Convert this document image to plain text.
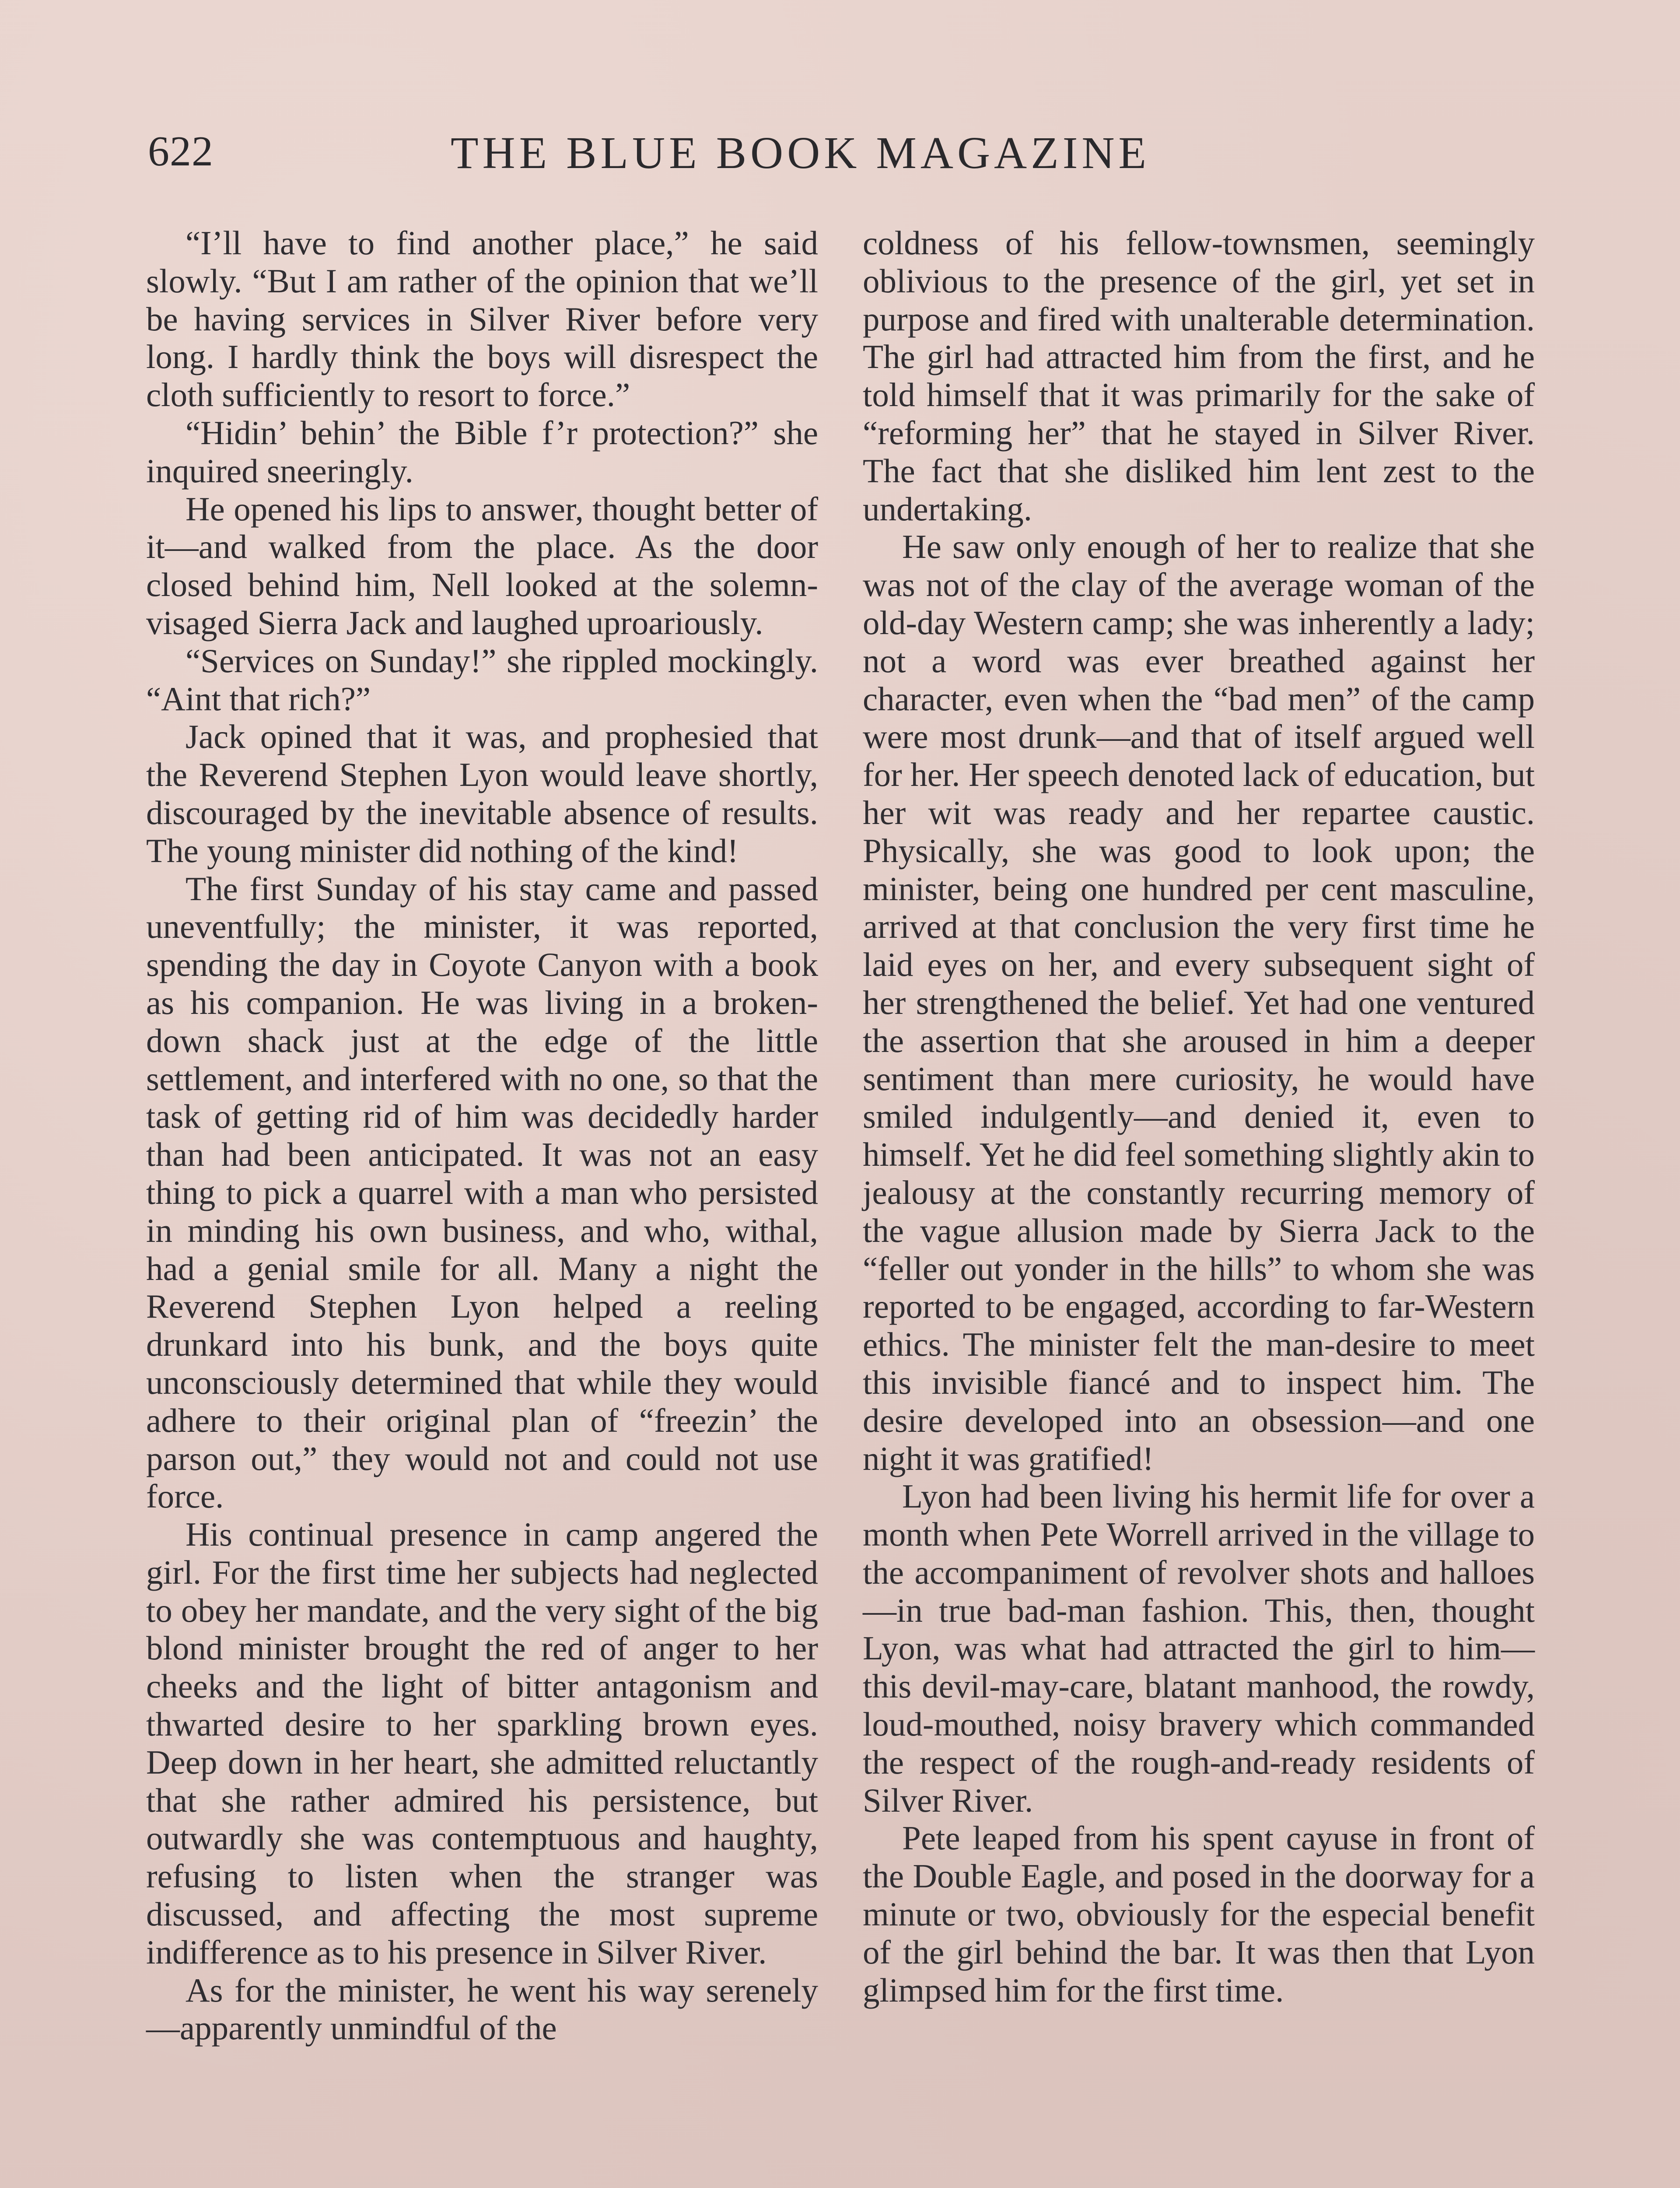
622	THE BLUE BOOK MAGAZINE

“I’ll have to find another place,” he said slowly. “But I am rather of the opinion that we’ll be having services in Silver River before very long. I hardly think the boys will disrespect the cloth sufficiently to resort to force.”

“Hidin’ behin’ the Bible f’r protection?” she inquired sneeringly.

He opened his lips to answer, thought better of it—and walked from the place. As the door closed behind him, Nell looked at the solemn-visaged Sierra Jack and laughed uproariously.

“Services on Sunday!” she rippled mockingly. “Aint that rich?”

Jack opined that it was, and prophesied that the Reverend Stephen Lyon would leave shortly, discouraged by the inevitable absence of results. The young minister did nothing of the kind!

The first Sunday of his stay came and passed uneventfully; the minister, it was reported, spending the day in Coyote Canyon with a book as his companion. He was living in a broken-down shack just at the edge of the little settlement, and interfered with no one, so that the task of getting rid of him was decidedly harder than had been anticipated. It was not an easy thing to pick a quarrel with a man who persisted in minding his own business, and who, withal, had a genial smile for all. Many a night the Reverend Stephen Lyon helped a reeling drunkard into his bunk, and the boys quite unconsciously determined that while they would adhere to their original plan of “freezin’ the parson out,” they would not and could not use force.

His continual presence in camp angered the girl. For the first time her subjects had neglected to obey her mandate, and the very sight of the big blond minister brought the red of anger to her cheeks and the light of bitter antagonism and thwarted desire to her sparkling brown eyes. Deep down in her heart, she admitted reluctantly that she rather admired his persistence, but outwardly she was contemptuous and haughty, refusing to listen when the stranger was discussed, and affecting the most supreme indifference as to his presence in Silver River.

As for the minister, he went his way serenely—apparently unmindful of the

coldness of his fellow-townsmen, seemingly oblivious to the presence of the girl, yet set in purpose and fired with unalterable determination. The girl had attracted him from the first, and he told himself that it was primarily for the sake of “reforming her” that he stayed in Silver River. The fact that she disliked him lent zest to the undertaking.

He saw only enough of her to realize that she was not of the clay of the average woman of the old-day Western camp; she was inherently a lady; not a word was ever breathed against her character, even when the “bad men” of the camp were most drunk—and that of itself argued well for her. Her speech denoted lack of education, but her wit was ready and her repartee caustic. Physically, she was good to look upon; the minister, being one hundred per cent masculine, arrived at that conclusion the very first time he laid eyes on her, and every subsequent sight of her strengthened the belief. Yet had one ventured the assertion that she aroused in him a deeper sentiment than mere curiosity, he would have smiled indulgently—and denied it, even to himself. Yet he did feel something slightly akin to jealousy at the constantly recurring memory of the vague allusion made by Sierra Jack to the “feller out yonder in the hills” to whom she was reported to be engaged, according to far-Western ethics. The minister felt the man-desire to meet this invisible fiancé and to inspect him. The desire developed into an obsession—and one night it was gratified!

Lyon had been living his hermit life for over a month when Pete Worrell arrived in the village to the accompaniment of revolver shots and halloes—in true bad-man fashion. This, then, thought Lyon, was what had attracted the girl to him—this devil-may-care, blatant manhood, the rowdy, loud-mouthed, noisy bravery which commanded the respect of the rough-and-ready residents of Silver River.

Pete leaped from his spent cayuse in front of the Double Eagle, and posed in the doorway for a minute or two, obviously for the especial benefit of the girl behind the bar. It was then that Lyon glimpsed him for the first time.
